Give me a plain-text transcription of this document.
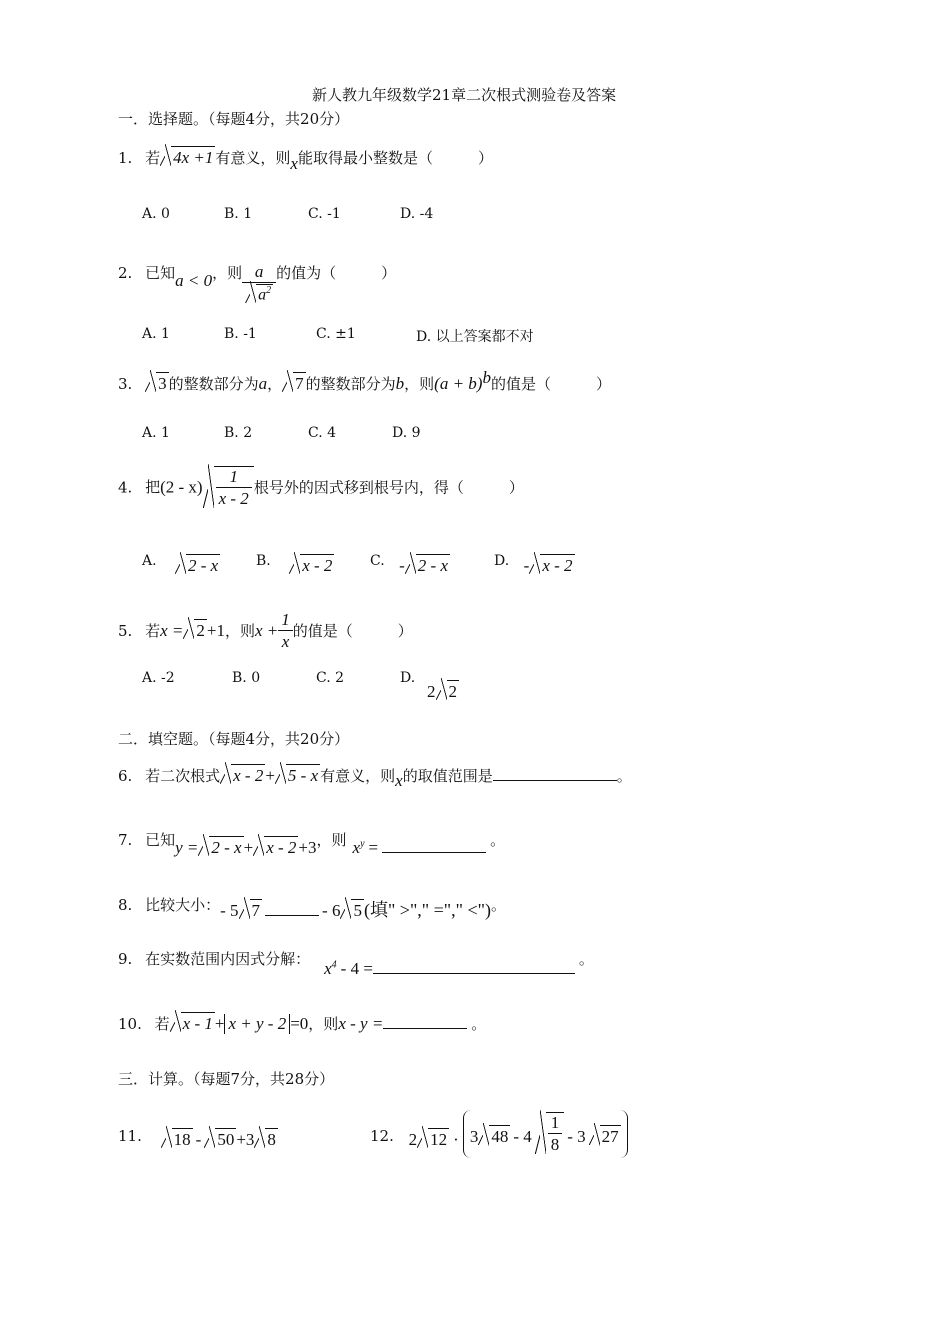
新人教九年级数学21章二次根式测验卷及答案
一．选择题。（每题4分，共20分）
1. 若 4x +1 有意义，则x能取得最小整数是（　　　）
A. 0	B. 1	C. -1	D. -4
2. 已知a < 0，则 $\frac{a}{a^2}$ 的值为（　　　）
A. 1	B. -1	C. ±1	D. 以上答案都不对
3. 3 的整数部分为a， 7 的整数部分为b，则$(a + b)^b$的值是（　　　）
A. 1	B. 2	C. 4	D. 9
4. 把$(2 - x) \frac{1}{x - 2}$ 根号外的因式移到根号内，得（　　　）
A. 2 - x	B. x - 2	C. - 2 - x	D. - x - 2
5. 若x = 2 +1，则$x + \frac{1}{x}$ 的值是（　　　）
A. -2	B. 0	C. 2	D.
2 2
二．填空题。（每题4分，共20分）
6. 若二次根式 x - 2 + 5 - x 有意义，则x的取值范围是	。
7. 已知y = 2 - x + x - 2 +3，则 $x^y$ =	。
8. 比较大小：- 5 7	- 6 5 (填" >"," ="," <")。
9. 在实数范围内因式分解： $x^4 - 4$ =	。
10. 若 x - 1 + x + y - 2 =0，则x - y =	。
三．计算。（每题7分，共28分）
11. 18 - 50 +3 8	12. 2 12 · 3 $48 - 4 \frac{1}{8} - 3$ 27
